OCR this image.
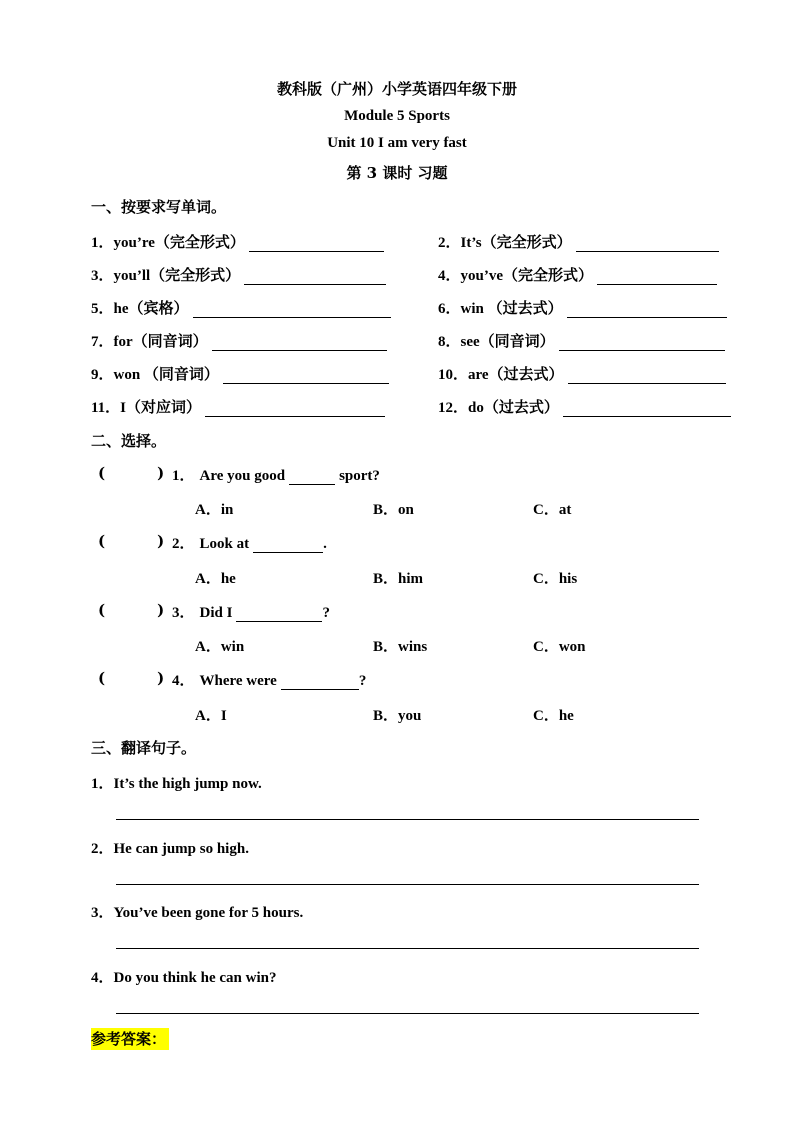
教科版（广州）小学英语四年级下册
Module 5 Sports
Unit 10 I am very fast
第 3 课时 习题
一、按要求写单词。
1．you’re（完全形式）	2．It’s（完全形式）
3．you’ll（完全形式）	4．you’ve（完全形式）
5．he（宾格）	6．win （过去式）
7．for（同音词）	8．see（同音词）
9．won （同音词）	10．are（过去式）
11．I（对应词）	12．do（过去式）
二、选择。
(	) 1． Are you good	sport?
A．in	B．on	C．at
(	) 2． Look at	.
A．he	B．him	C．his
(	) 3． Did I	?
A．win	B．wins	C．won
(	) 4． Where were	?
A．I	B．you	C．he
三、翻译句子。
1．It’s the high jump now.
2．He can jump so high.
3．You’ve been gone for 5 hours.
4．Do you think he can win?
参考答案：
